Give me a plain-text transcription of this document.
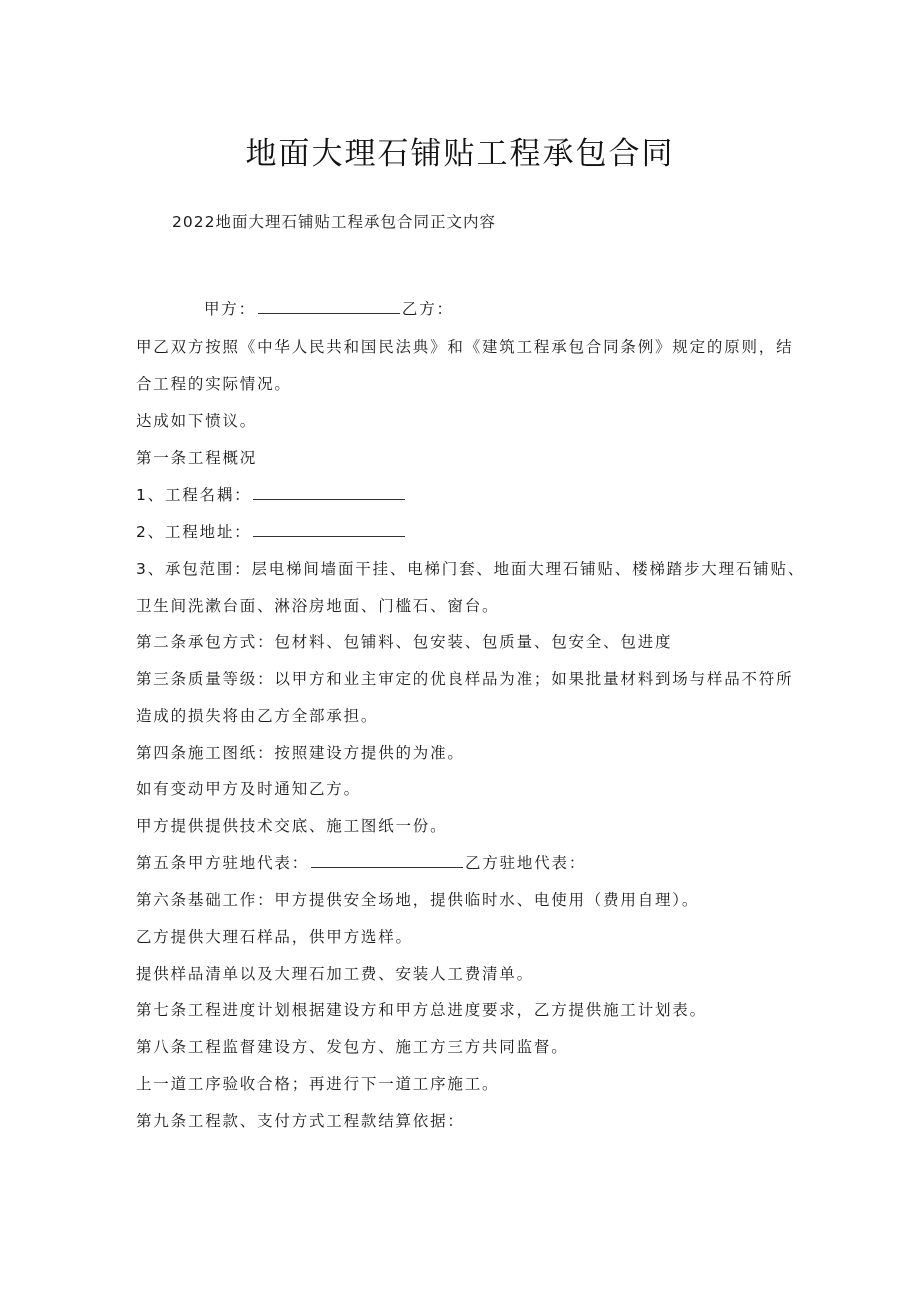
地面大理石铺贴工程承包合同
2022地面大理石铺贴工程承包合同正文内容
甲方：	乙方：
甲乙双方按照《中华人民共和国民法典》和《建筑工程承包合同条例》规定的原则，结
合工程的实际情况。
达成如下愤议。
第一条工程概况
1、工程名耦：
2、工程地址：
3、承包范围：层电梯间墙面干挂、电梯门套、地面大理石铺贴、楼梯踏步大理石铺贴、
卫生间洗漱台面、淋浴房地面、门槛石、窗台。
第二条承包方式：包材料、包铺料、包安装、包质量、包安全、包进度
第三条质量等级：以甲方和业主审定的优良样品为准；如果批量材料到场与样品不符所
造成的损失将由乙方全部承担。
第四条施工图纸：按照建设方提供的为准。
如有变动甲方及时通知乙方。
甲方提供提供技术交底、施工图纸一份。
第五条甲方驻地代表：	乙方驻地代表：
第六条基础工作：甲方提供安全场地，提供临时水、电使用（费用自理）。
乙方提供大理石样品，供甲方选样。
提供样品清单以及大理石加工费、安装人工费清单。
第七条工程进度计划根据建设方和甲方总进度要求，乙方提供施工计划表。
第八条工程监督建设方、发包方、施工方三方共同监督。
上一道工序验收合格；再进行下一道工序施工。
第九条工程款、支付方式工程款结算依据：
